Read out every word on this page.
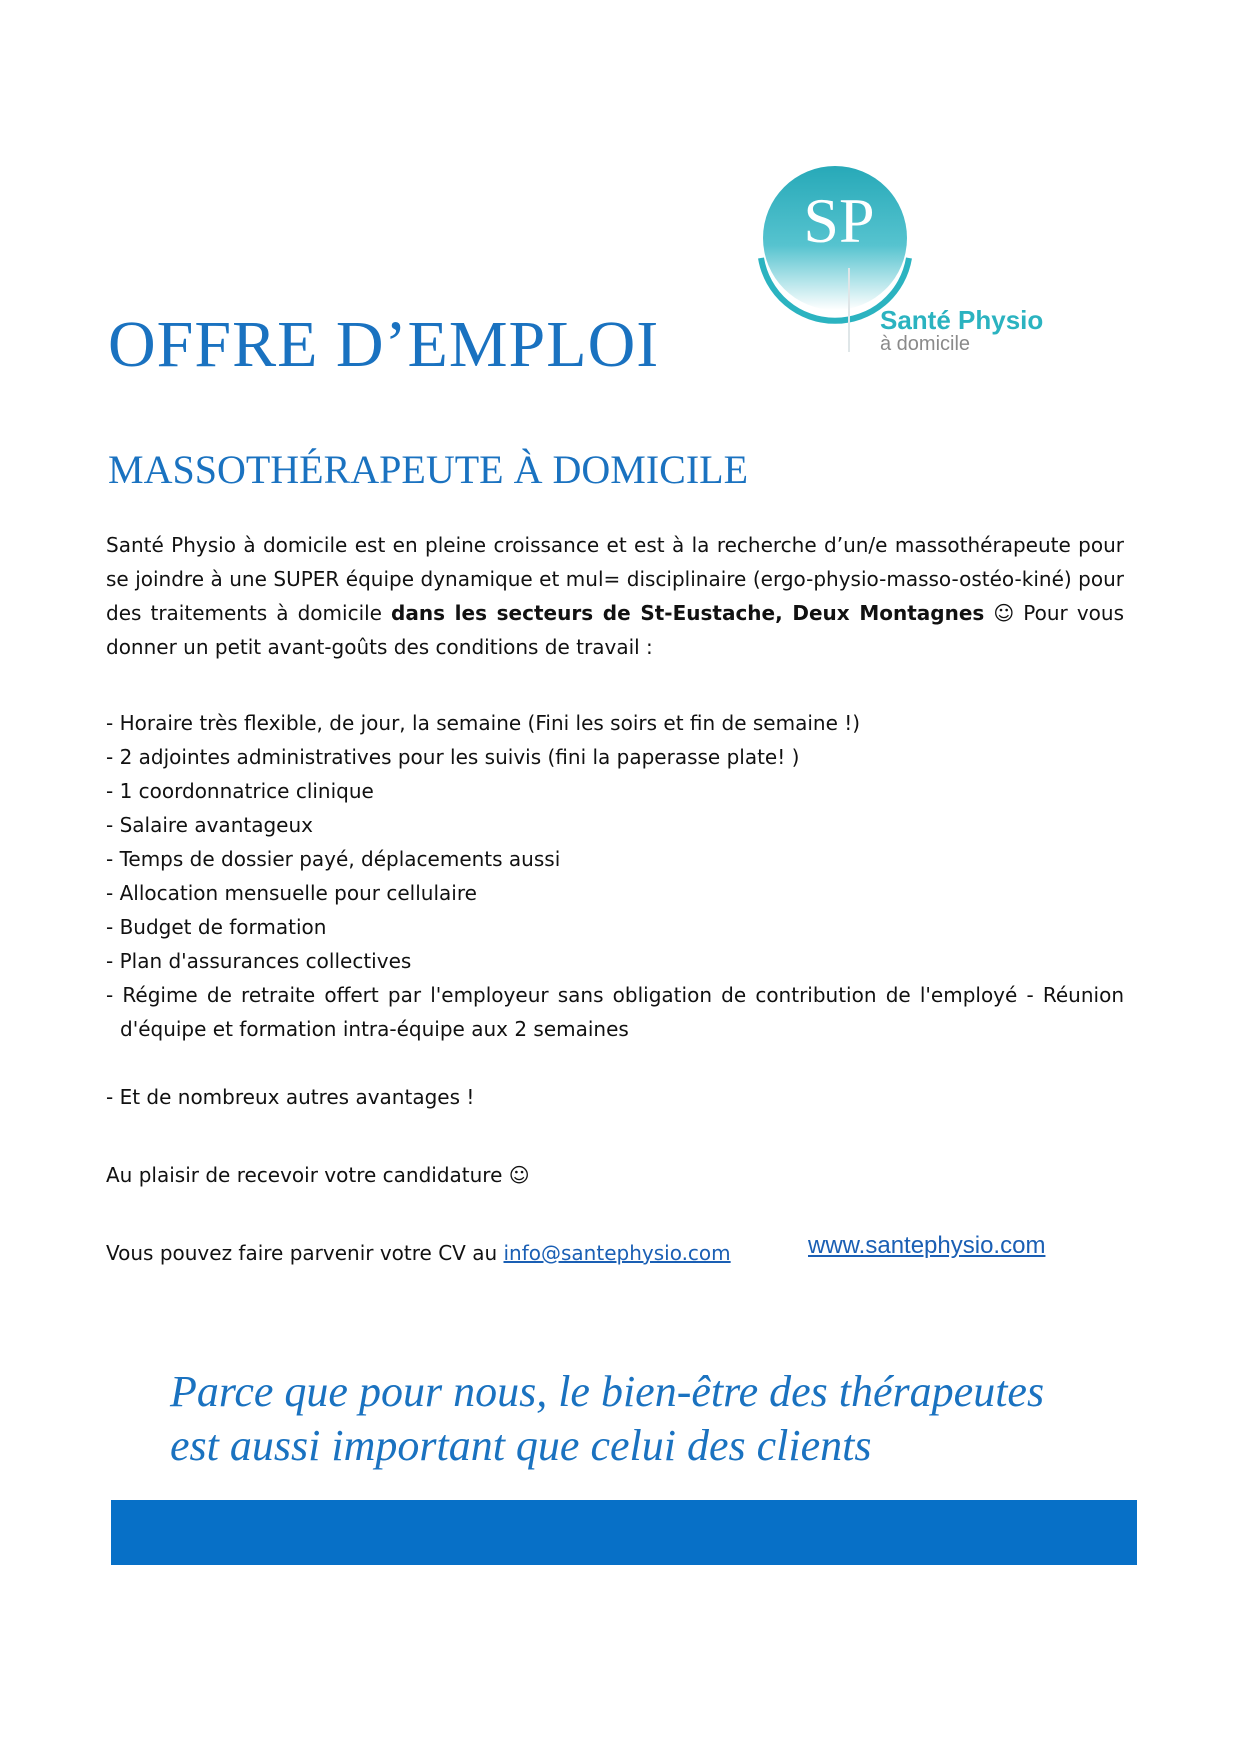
SP
Santé Physio
à domicile
OFFRE D’EMPLOI
MASSOTHÉRAPEUTE À DOMICILE

Santé Physio à domicile est en pleine croissance et est à la recherche d’un/e massothérapeute pour se joindre à une SUPER équipe dynamique et mul= disciplinaire (ergo-physio-masso-ostéo-kiné) pour des traitements à domicile dans les secteurs de St-Eustache, Deux Montagnes ☺ Pour vous donner un petit avant-goûts des conditions de travail :

- Horaire très flexible, de jour, la semaine (Fini les soirs et fin de semaine !)
- 2 adjointes administratives pour les suivis (fini la paperasse plate! )
- 1 coordonnatrice clinique
- Salaire avantageux
- Temps de dossier payé, déplacements aussi
- Allocation mensuelle pour cellulaire
- Budget de formation
- Plan d'assurances collectives
- Régime de retraite offert par l'employeur sans obligation de contribution de l'employé - Réunion d'équipe et formation intra-équipe aux 2 semaines

- Et de nombreux autres avantages !

Au plaisir de recevoir votre candidature ☺

Vous pouvez faire parvenir votre CV au info@santephysio.com	www.santephysio.com

Parce que pour nous, le bien-être des thérapeutes
est aussi important que celui des clients
